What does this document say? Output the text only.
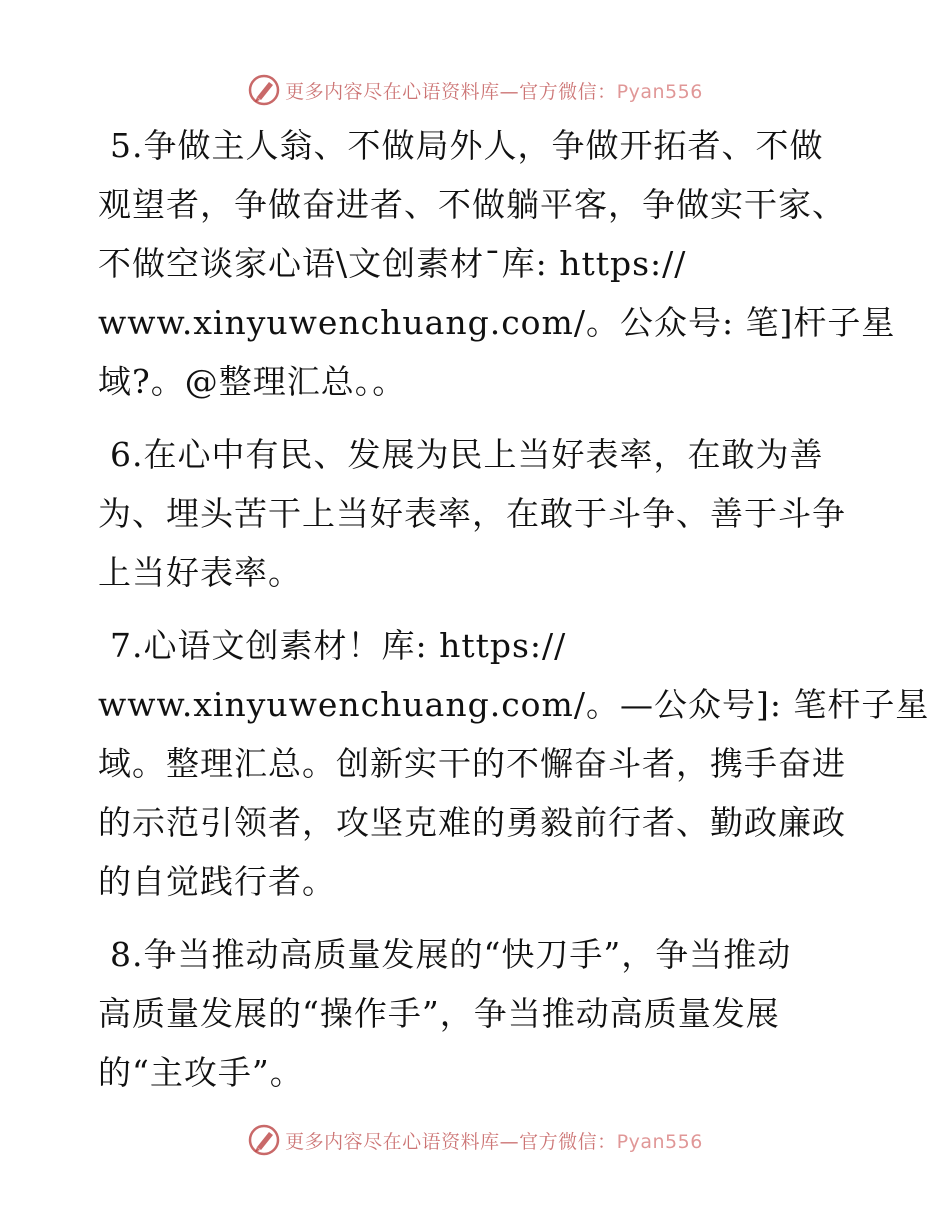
更多内容尽在心语资料库—官方微信：Pyan556

5.争做主人翁、不做局外人，争做开拓者、不做
观望者，争做奋进者、不做躺平客，争做实干家、
不做空谈家心语\文创素材¯库: https://
www.xinyuwenchuang.com/。公众号: 笔]杆子星
域?。@整理汇总。。

6.在心中有民、发展为民上当好表率，在敢为善
为、埋头苦干上当好表率，在敢于斗争、善于斗争
上当好表率。

7.心语文创素材！库: https://
www.xinyuwenchuang.com/。—公众号]: 笔杆子星
域。整理汇总。创新实干的不懈奋斗者，携手奋进
的示范引领者，攻坚克难的勇毅前行者、勤政廉政
的自觉践行者。

8.争当推动高质量发展的“快刀手”，争当推动
高质量发展的“操作手”，争当推动高质量发展
的“主攻手”。

更多内容尽在心语资料库—官方微信：Pyan556
